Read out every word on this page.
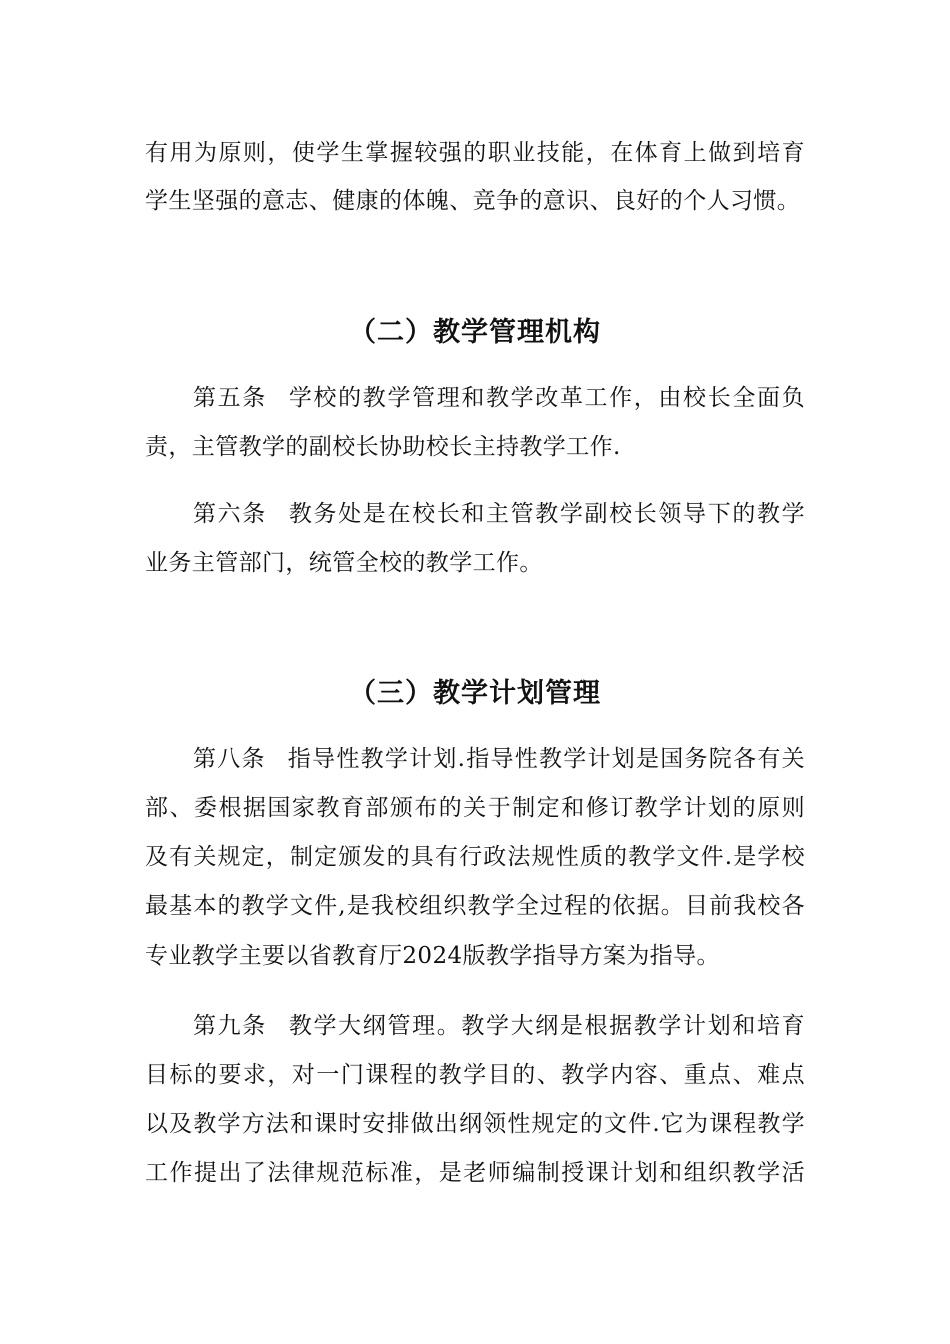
有用为原则，使学生掌握较强的职业技能，在体育上做到培育
学生坚强的意志、健康的体魄、竞争的意识、良好的个人习惯。
（二）教学管理机构
第五条 学校的教学管理和教学改革工作，由校长全面负
责，主管教学的副校长协助校长主持教学工作.
第六条 教务处是在校长和主管教学副校长领导下的教学
业务主管部门，统管全校的教学工作。
（三）教学计划管理
第八条 指导性教学计划.指导性教学计划是国务院各有关
部、委根据国家教育部颁布的关于制定和修订教学计划的原则
及有关规定，制定颁发的具有行政法规性质的教学文件.是学校
最基本的教学文件,是我校组织教学全过程的依据。目前我校各
专业教学主要以省教育厅2024版教学指导方案为指导。
第九条 教学大纲管理。教学大纲是根据教学计划和培育
目标的要求，对一门课程的教学目的、教学内容、重点、难点
以及教学方法和课时安排做出纲领性规定的文件.它为课程教学
工作提出了法律规范标准，是老师编制授课计划和组织教学活
